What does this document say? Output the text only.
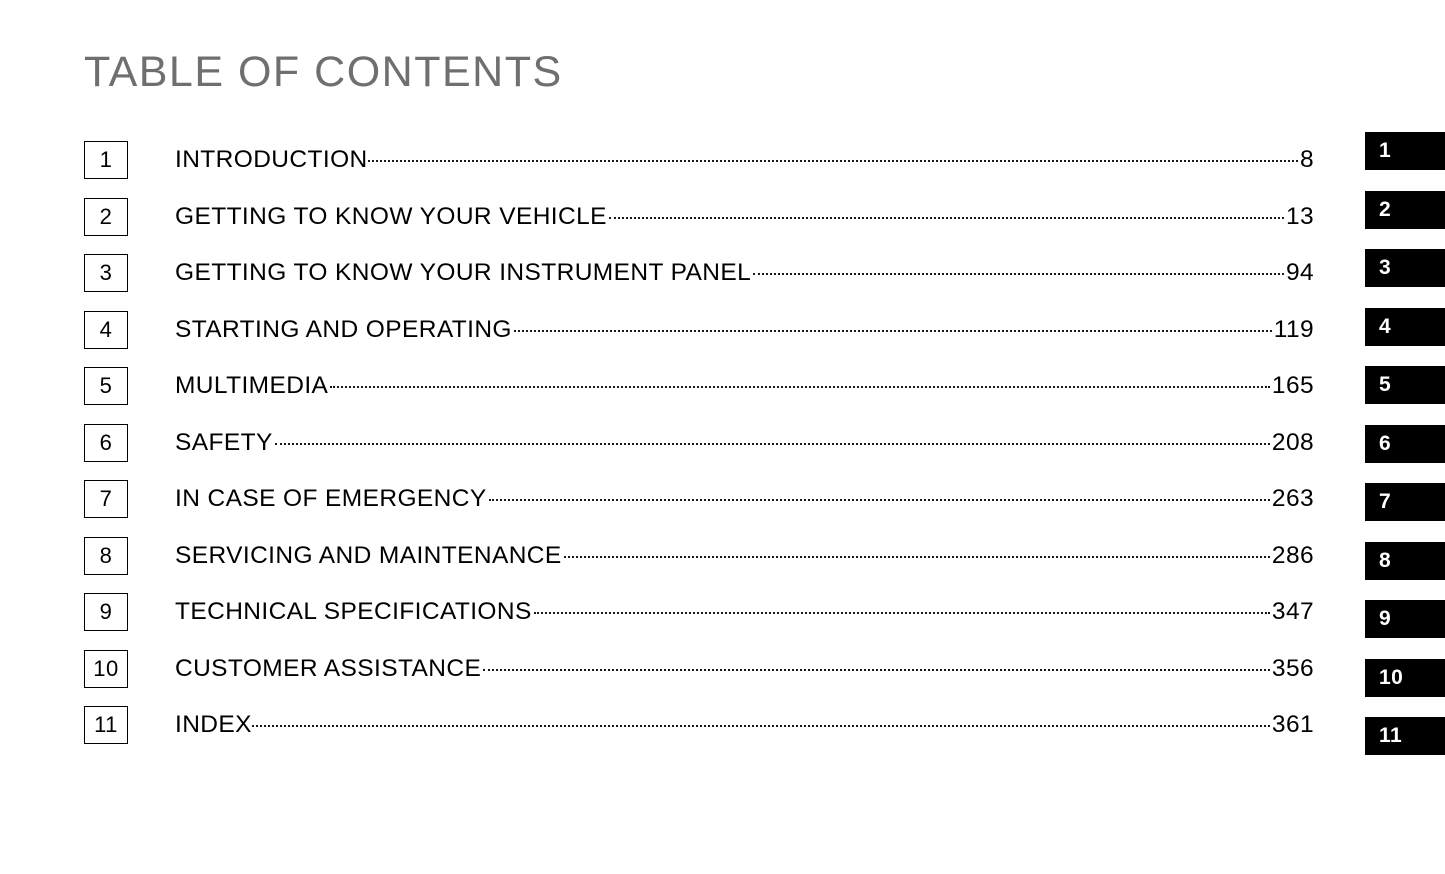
TABLE OF CONTENTS
1	INTRODUCTION	8
2	GETTING TO KNOW YOUR VEHICLE	13
3	GETTING TO KNOW YOUR INSTRUMENT PANEL	94
4	STARTING AND OPERATING	119
5	MULTIMEDIA	165
6	SAFETY	208
7	IN CASE OF EMERGENCY	263
8	SERVICING AND MAINTENANCE	286
9	TECHNICAL SPECIFICATIONS	347
10	CUSTOMER ASSISTANCE	356
11	INDEX	361
1
2
3
4
5
6
7
8
9
10
11
